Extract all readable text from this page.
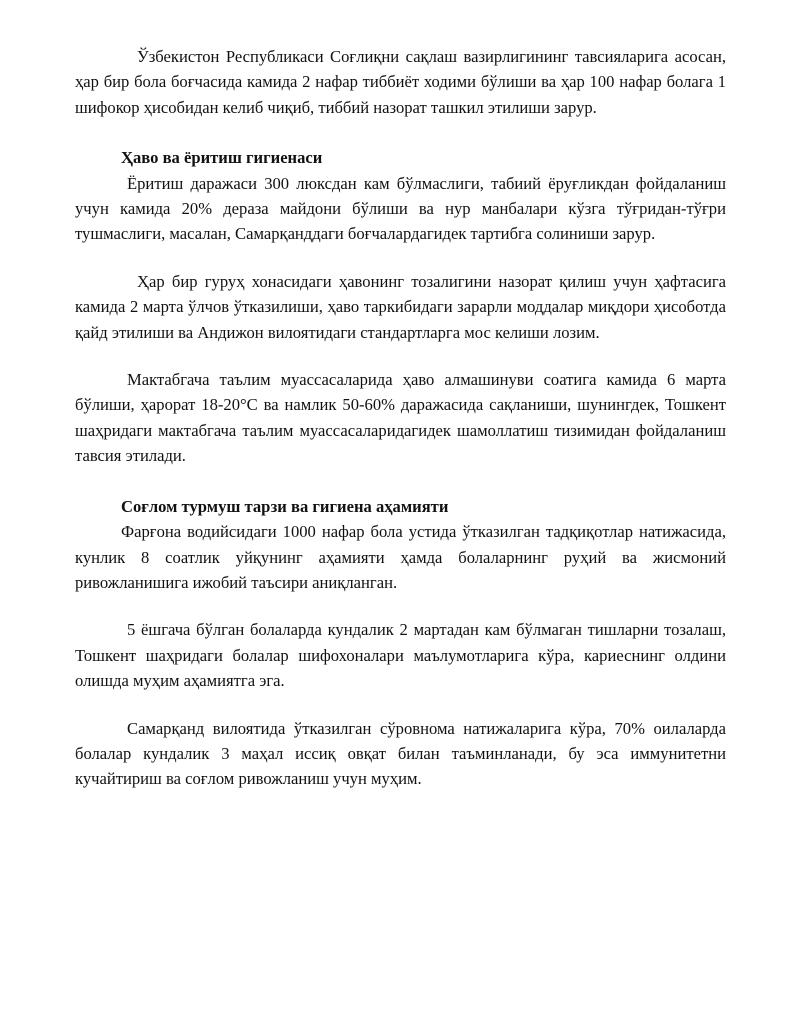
Ўзбекистон Республикаси Соғлиқни сақлаш вазирлигининг тавсияларига асосан, ҳар бир бола боғчасида камида 2 нафар тиббиёт ходими бўлиши ва ҳар 100 нафар болага 1 шифокор ҳисобидан келиб чиқиб, тиббий назорат ташкил этилиши зарур.

Ҳаво ва ёритиш гигиенаси

Ёритиш даражаси 300 люксдан кам бўлмаслиги, табиий ёруғликдан фойдаланиш учун камида 20% дераза майдони бўлиши ва нур манбалари кўзга тўғридан-тўғри тушмаслиги, масалан, Самарқанддаги боғчалардагидек тартибга солиниши зарур.

Ҳар бир гуруҳ хонасидаги ҳавонинг тозалигини назорат қилиш учун ҳафтасига камида 2 марта ўлчов ўтказилиши, ҳаво таркибидаги зарарли моддалар миқдори ҳисоботда қайд этилиши ва Андижон вилоятидаги стандартларга мос келиши лозим.

Мактабгача таълим муассасаларида ҳаво алмашинуви соатига камида 6 марта бўлиши, ҳарорат 18-20°C ва намлик 50-60% даражасида сақланиши, шунингдек, Тошкент шаҳридаги мактабгача таълим муассасаларидагидек шамоллатиш тизимидан фойдаланиш тавсия этилади.

Соғлом турмуш тарзи ва гигиена аҳамияти

Фарғона водийсидаги 1000 нафар бола устида ўтказилган тадқиқотлар натижасида, кунлик 8 соатлик уйқунинг аҳамияти ҳамда болаларнинг руҳий ва жисмоний ривожланишига ижобий таъсири аниқланган.

5 ёшгача бўлган болаларда кундалик 2 мартадан кам бўлмаган тишларни тозалаш, Тошкент шаҳридаги болалар шифохоналари маълумотларига кўра, кариеснинг олдини олишда муҳим аҳамиятга эга.

Самарқанд вилоятида ўтказилган сўровнома натижаларига кўра, 70% оилаларда болалар кундалик 3 маҳал иссиқ овқат билан таъминланади, бу эса иммунитетни кучайтириш ва соғлом ривожланиш учун муҳим.
